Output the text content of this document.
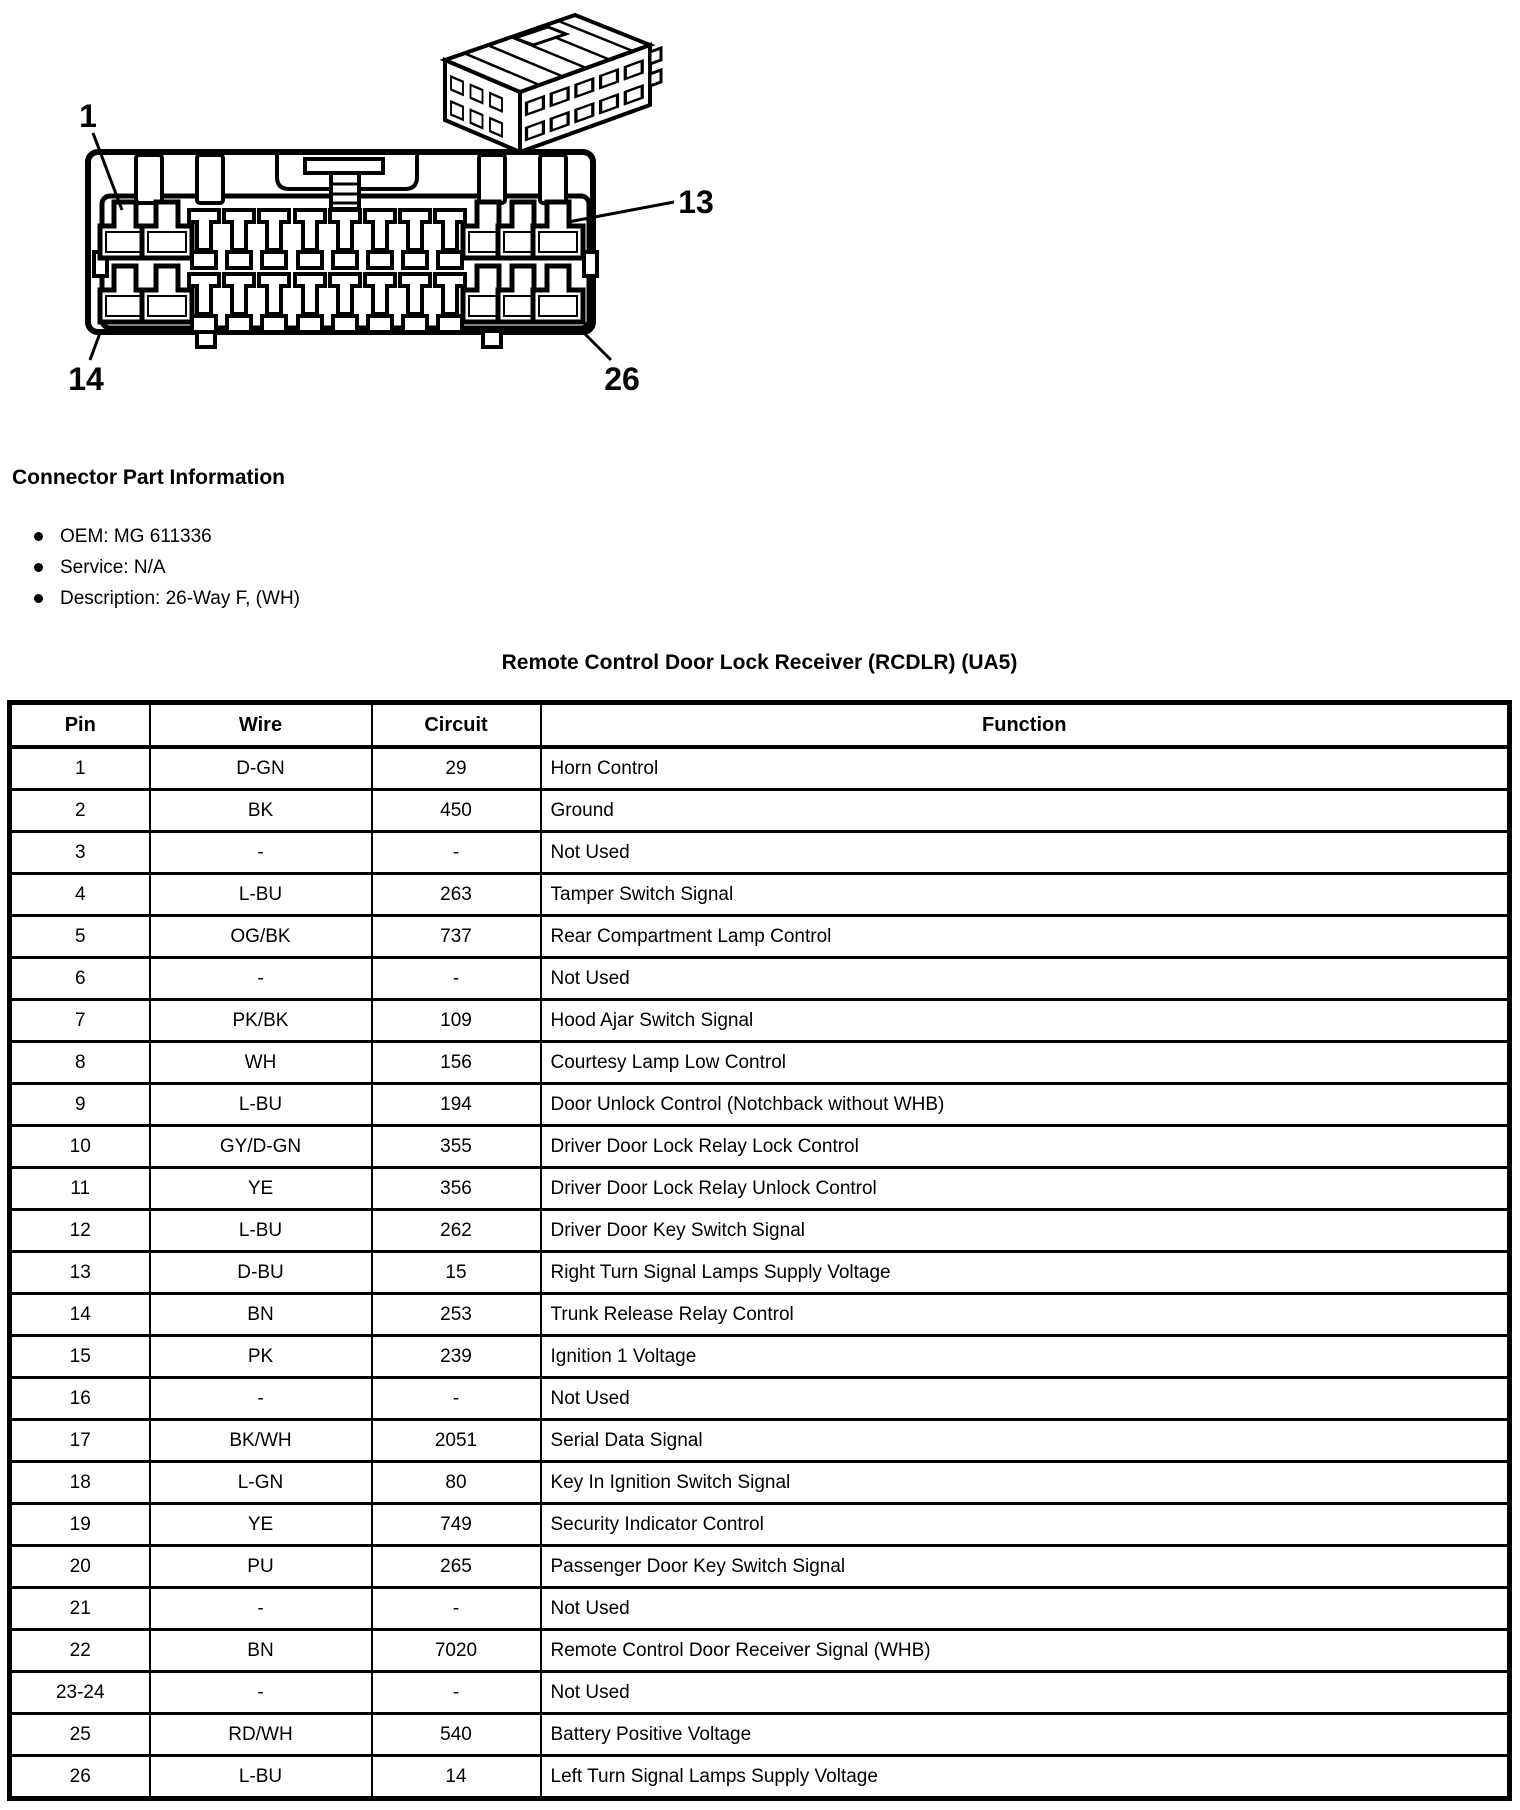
1
13
14	26
Connector Part Information
OEM: MG 611336
Service: N/A
Description: 26-Way F, (WH)
Remote Control Door Lock Receiver (RCDLR) (UA5)
Pin	Wire	Circuit	Function
1	D-GN	29	Horn Control
2	BK	450	Ground
3	-	-	Not Used
4	L-BU	263	Tamper Switch Signal
5	OG/BK	737	Rear Compartment Lamp Control
6	-	-	Not Used
7	PK/BK	109	Hood Ajar Switch Signal
8	WH	156	Courtesy Lamp Low Control
9	L-BU	194	Door Unlock Control (Notchback without WHB)
10	GY/D-GN	355	Driver Door Lock Relay Lock Control
11	YE	356	Driver Door Lock Relay Unlock Control
12	L-BU	262	Driver Door Key Switch Signal
13	D-BU	15	Right Turn Signal Lamps Supply Voltage
14	BN	253	Trunk Release Relay Control
15	PK	239	Ignition 1 Voltage
16	-	-	Not Used
17	BK/WH	2051	Serial Data Signal
18	L-GN	80	Key In Ignition Switch Signal
19	YE	749	Security Indicator Control
20	PU	265	Passenger Door Key Switch Signal
21	-	-	Not Used
22	BN	7020	Remote Control Door Receiver Signal (WHB)
23-24	-	-	Not Used
25	RD/WH	540	Battery Positive Voltage
26	L-BU	14	Left Turn Signal Lamps Supply Voltage
